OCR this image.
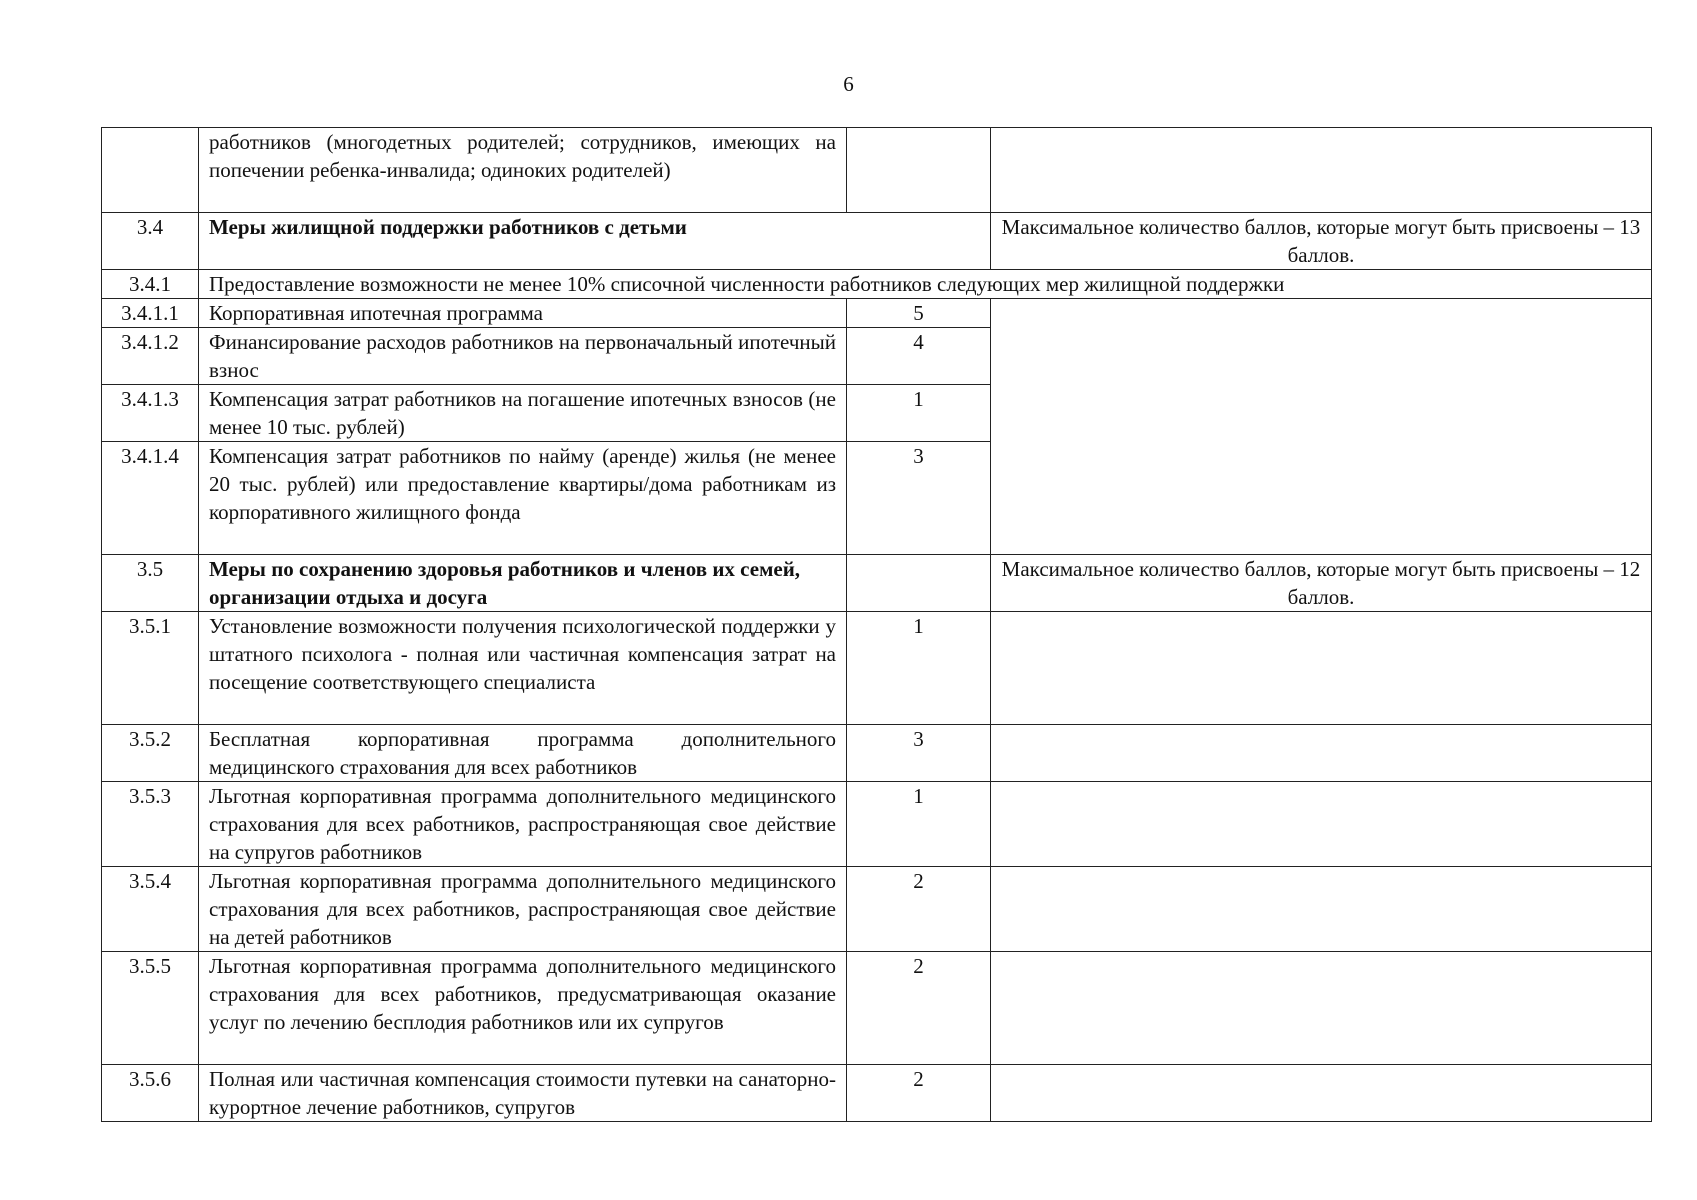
6
	работников (многодетных родителей; сотрудников, имеющих на попечении ребенка-инвалида; одиноких родителей)		
3.4	Меры жилищной поддержки работников с детьми		Максимальное количество баллов, которые могут быть присвоены – 13 баллов.
3.4.1	Предоставление возможности не менее 10% списочной численности работников следующих мер жилищной поддержки		
3.4.1.1	Корпоративная ипотечная программа	5	
3.4.1.2	Финансирование расходов работников на первоначальный ипотечный взнос	4	
3.4.1.3	Компенсация затрат работников на погашение ипотечных взносов (не менее 10 тыс. рублей)	1	
3.4.1.4	Компенсация затрат работников по найму (аренде) жилья (не менее 20 тыс. рублей) или предоставление квартиры/дома работникам из корпоративного жилищного фонда	3	
3.5	Меры по сохранению здоровья работников и членов их семей, организации отдыха и досуга		Максимальное количество баллов, которые могут быть присвоены – 12 баллов.
3.5.1	Установление возможности получения психологической поддержки у штатного психолога - полная или частичная компенсация затрат на посещение соответствующего специалиста	1	
3.5.2	Бесплатная корпоративная программа дополнительного медицинского страхования для всех работников	3	
3.5.3	Льготная корпоративная программа дополнительного медицинского страхования для всех работников, распространяющая свое действие на супругов работников	1	
3.5.4	Льготная корпоративная программа дополнительного медицинского страхования для всех работников, распространяющая свое действие на детей работников	2	
3.5.5	Льготная корпоративная программа дополнительного медицинского страхования для всех работников, предусматривающая оказание услуг по лечению бесплодия работников или их супругов	2	
3.5.6	Полная или частичная компенсация стоимости путевки на санаторно-курортное лечение работников, супругов	2	
